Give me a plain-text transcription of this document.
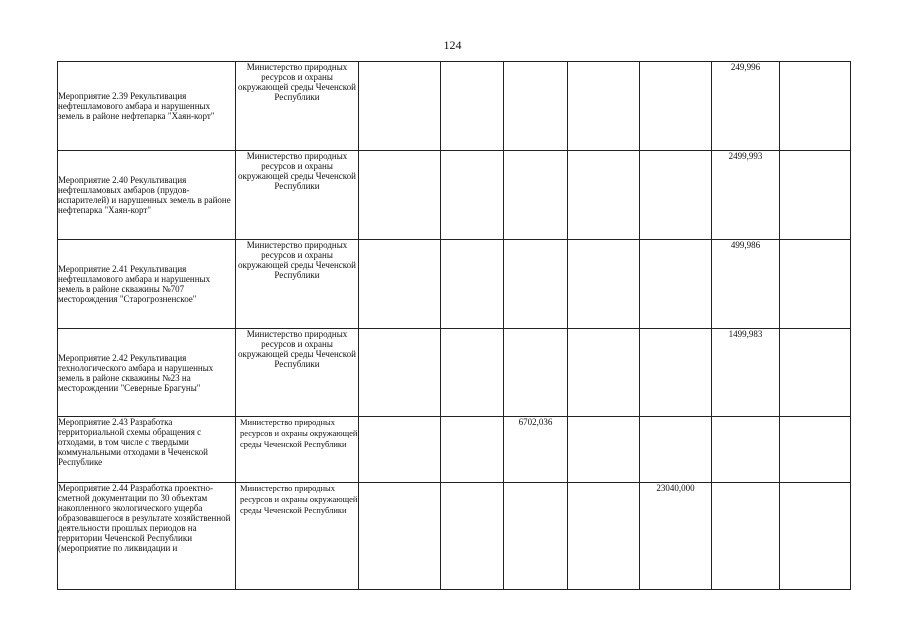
124
Мероприятие 2.39 Рекультивация нефтешламового амбара и нарушенных земель в районе нефтепарка "Хаян-корт"	Министерство природных ресурсов и охраны окружающей среды Чеченской Республики						249,996	
Мероприятие 2.40 Рекультивация нефтешламовых амбаров (прудов-испарителей) и нарушенных земель в районе нефтепарка "Хаян-корт"	Министерство природных ресурсов и охраны окружающей среды Чеченской Республики						2499,993	
Мероприятие 2.41 Рекультивация нефтешламового амбара и нарушенных земель в районе скважины №707 месторождения "Старогрозненское"	Министерство природных ресурсов и охраны окружающей среды Чеченской Республики						499,986	
Мероприятие 2.42 Рекультивация технологического амбара и нарушенных земель в районе скважины №23 на месторождении "Северные Брагуны"	Министерство природных ресурсов и охраны окружающей среды Чеченской Республики						1499,983	
Мероприятие 2.43 Разработка территориальной схемы обращения с отходами, в том числе с твердыми коммунальными отходами в Чеченской Республике	Министерство природных ресурсов и охраны окружающей среды Чеченской Республики			6702,036				
Мероприятие 2.44 Разработка проектно-сметной документации по 30 объектам накопленного экологического ущерба образовавшегося в результате хозяйственной деятельности прошлых периодов на территории Чеченской Республики (мероприятие по ликвидации и	Министерство природных ресурсов и охраны окружающей среды Чеченской Республики					23040,000		
